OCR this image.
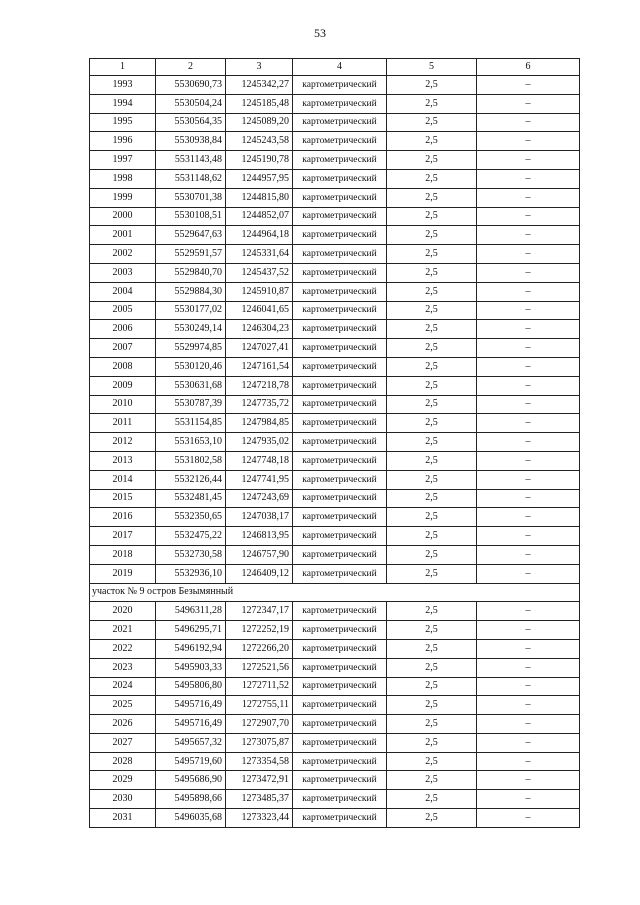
53
1	2	3	4	5	6
1993	5530690,73	1245342,27	картометрический	2,5	–
1994	5530504,24	1245185,48	картометрический	2,5	–
1995	5530564,35	1245089,20	картометрический	2,5	–
1996	5530938,84	1245243,58	картометрический	2,5	–
1997	5531143,48	1245190,78	картометрический	2,5	–
1998	5531148,62	1244957,95	картометрический	2,5	–
1999	5530701,38	1244815,80	картометрический	2,5	–
2000	5530108,51	1244852,07	картометрический	2,5	–
2001	5529647,63	1244964,18	картометрический	2,5	–
2002	5529591,57	1245331,64	картометрический	2,5	–
2003	5529840,70	1245437,52	картометрический	2,5	–
2004	5529884,30	1245910,87	картометрический	2,5	–
2005	5530177,02	1246041,65	картометрический	2,5	–
2006	5530249,14	1246304,23	картометрический	2,5	–
2007	5529974,85	1247027,41	картометрический	2,5	–
2008	5530120,46	1247161,54	картометрический	2,5	–
2009	5530631,68	1247218,78	картометрический	2,5	–
2010	5530787,39	1247735,72	картометрический	2,5	–
2011	5531154,85	1247984,85	картометрический	2,5	–
2012	5531653,10	1247935,02	картометрический	2,5	–
2013	5531802,58	1247748,18	картометрический	2,5	–
2014	5532126,44	1247741,95	картометрический	2,5	–
2015	5532481,45	1247243,69	картометрический	2,5	–
2016	5532350,65	1247038,17	картометрический	2,5	–
2017	5532475,22	1246813,95	картометрический	2,5	–
2018	5532730,58	1246757,90	картометрический	2,5	–
2019	5532936,10	1246409,12	картометрический	2,5	–
участок № 9 остров Безымянный					
2020	5496311,28	1272347,17	картометрический	2,5	–
2021	5496295,71	1272252,19	картометрический	2,5	–
2022	5496192,94	1272266,20	картометрический	2,5	–
2023	5495903,33	1272521,56	картометрический	2,5	–
2024	5495806,80	1272711,52	картометрический	2,5	–
2025	5495716,49	1272755,11	картометрический	2,5	–
2026	5495716,49	1272907,70	картометрический	2,5	–
2027	5495657,32	1273075,87	картометрический	2,5	–
2028	5495719,60	1273354,58	картометрический	2,5	–
2029	5495686,90	1273472,91	картометрический	2,5	–
2030	5495898,66	1273485,37	картометрический	2,5	–
2031	5496035,68	1273323,44	картометрический	2,5	–
